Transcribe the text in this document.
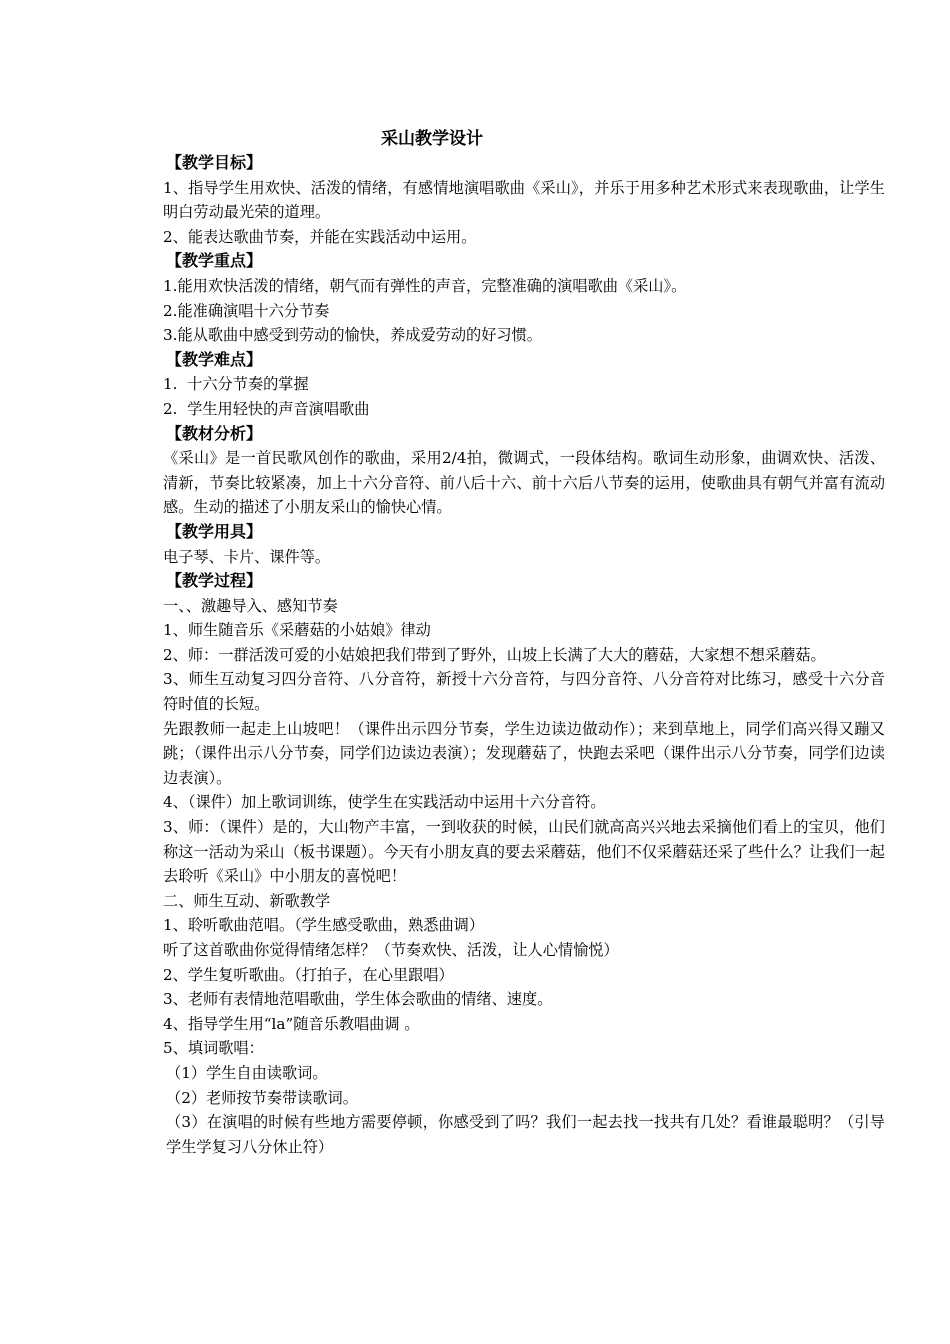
采山教学设计
【教学目标】
1、指导学生用欢快、活泼的情绪，有感情地演唱歌曲《采山》，并乐于用多种艺术形式来表现歌曲，让学生明白劳动最光荣的道理。
2、能表达歌曲节奏，并能在实践活动中运用。
【教学重点】
1.能用欢快活泼的情绪，朝气而有弹性的声音，完整准确的演唱歌曲《采山》。
2.能准确演唱十六分节奏
3.能从歌曲中感受到劳动的愉快，养成爱劳动的好习惯。
【教学难点】
1.  十六分节奏的掌握
2.  学生用轻快的声音演唱歌曲
【教材分析】
《采山》是一首民歌风创作的歌曲，采用2/4拍，微调式，一段体结构。歌词生动形象，曲调欢快、活泼、清新，节奏比较紧凑，加上十六分音符、前八后十六、前十六后八节奏的运用，使歌曲具有朝气并富有流动感。生动的描述了小朋友采山的愉快心情。
【教学用具】
电子琴、卡片、课件等。
【教学过程】
一、、激趣导入、感知节奏
1、师生随音乐《采蘑菇的小姑娘》律动
2、师：一群活泼可爱的小姑娘把我们带到了野外，山坡上长满了大大的蘑菇，大家想不想采蘑菇。
3、师生互动复习四分音符、八分音符，新授十六分音符，与四分音符、八分音符对比练习，感受十六分音符时值的长短。
先跟教师一起走上山坡吧！（课件出示四分节奏，学生边读边做动作）；来到草地上，同学们高兴得又蹦又跳；（课件出示八分节奏，同学们边读边表演）；发现蘑菇了，快跑去采吧（课件出示八分节奏，同学们边读边表演）。
4、（课件）加上歌词训练，使学生在实践活动中运用十六分音符。
3、师：（课件）是的，大山物产丰富，一到收获的时候，山民们就高高兴兴地去采摘他们看上的宝贝，他们称这一活动为采山（板书课题）。今天有小朋友真的要去采蘑菇，他们不仅采蘑菇还采了些什么？让我们一起去聆听《采山》中小朋友的喜悦吧！
二、师生互动、新歌教学
1、聆听歌曲范唱。（学生感受歌曲，熟悉曲调）
听了这首歌曲你觉得情绪怎样？（节奏欢快、活泼，让人心情愉悦）
2、学生复听歌曲。（打拍子，在心里跟唱）
3、老师有表情地范唱歌曲，学生体会歌曲的情绪、速度。
4、指导学生用“la”随音乐教唱曲调 。
5、填词歌唱：
（1）学生自由读歌词。
（2）老师按节奏带读歌词。
（3）在演唱的时候有些地方需要停顿，你感受到了吗？我们一起去找一找共有几处？看谁最聪明？（引导学生学复习八分休止符）
